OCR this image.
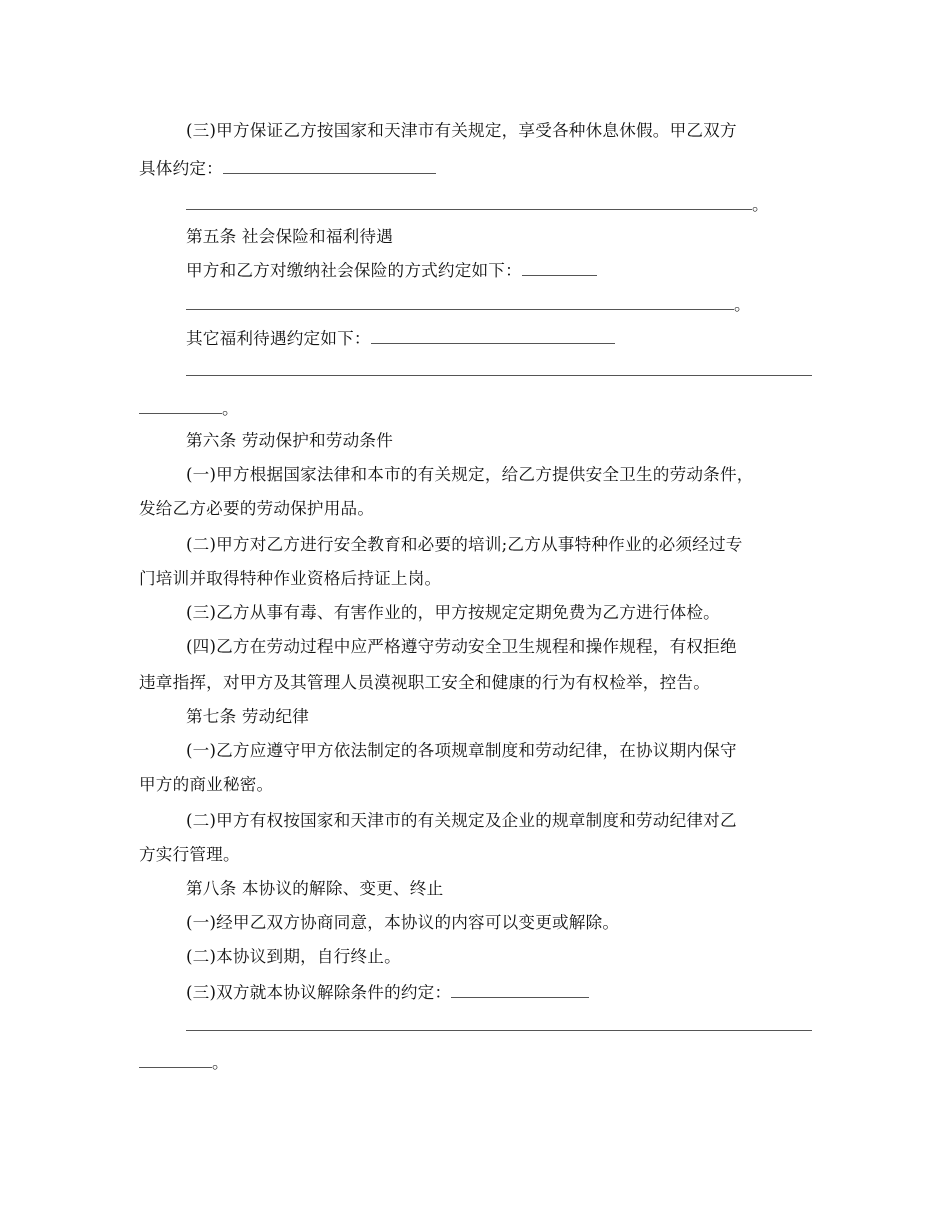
(三)甲方保证乙方按国家和天津市有关规定，享受各种休息休假。甲乙双方
具体约定：
。
第五条 社会保险和福利待遇
甲方和乙方对缴纳社会保险的方式约定如下：
。
其它福利待遇约定如下：
。
第六条 劳动保护和劳动条件
(一)甲方根据国家法律和本市的有关规定，给乙方提供安全卫生的劳动条件，
发给乙方必要的劳动保护用品。
(二)甲方对乙方进行安全教育和必要的培训;乙方从事特种作业的必须经过专
门培训并取得特种作业资格后持证上岗。
(三)乙方从事有毒、有害作业的，甲方按规定定期免费为乙方进行体检。
(四)乙方在劳动过程中应严格遵守劳动安全卫生规程和操作规程，有权拒绝
违章指挥，对甲方及其管理人员漠视职工安全和健康的行为有权检举，控告。
第七条 劳动纪律
(一)乙方应遵守甲方依法制定的各项规章制度和劳动纪律，在协议期内保守
甲方的商业秘密。
(二)甲方有权按国家和天津市的有关规定及企业的规章制度和劳动纪律对乙
方实行管理。
第八条 本协议的解除、变更、终止
(一)经甲乙双方协商同意，本协议的内容可以变更或解除。
(二)本协议到期，自行终止。
(三)双方就本协议解除条件的约定：
。
